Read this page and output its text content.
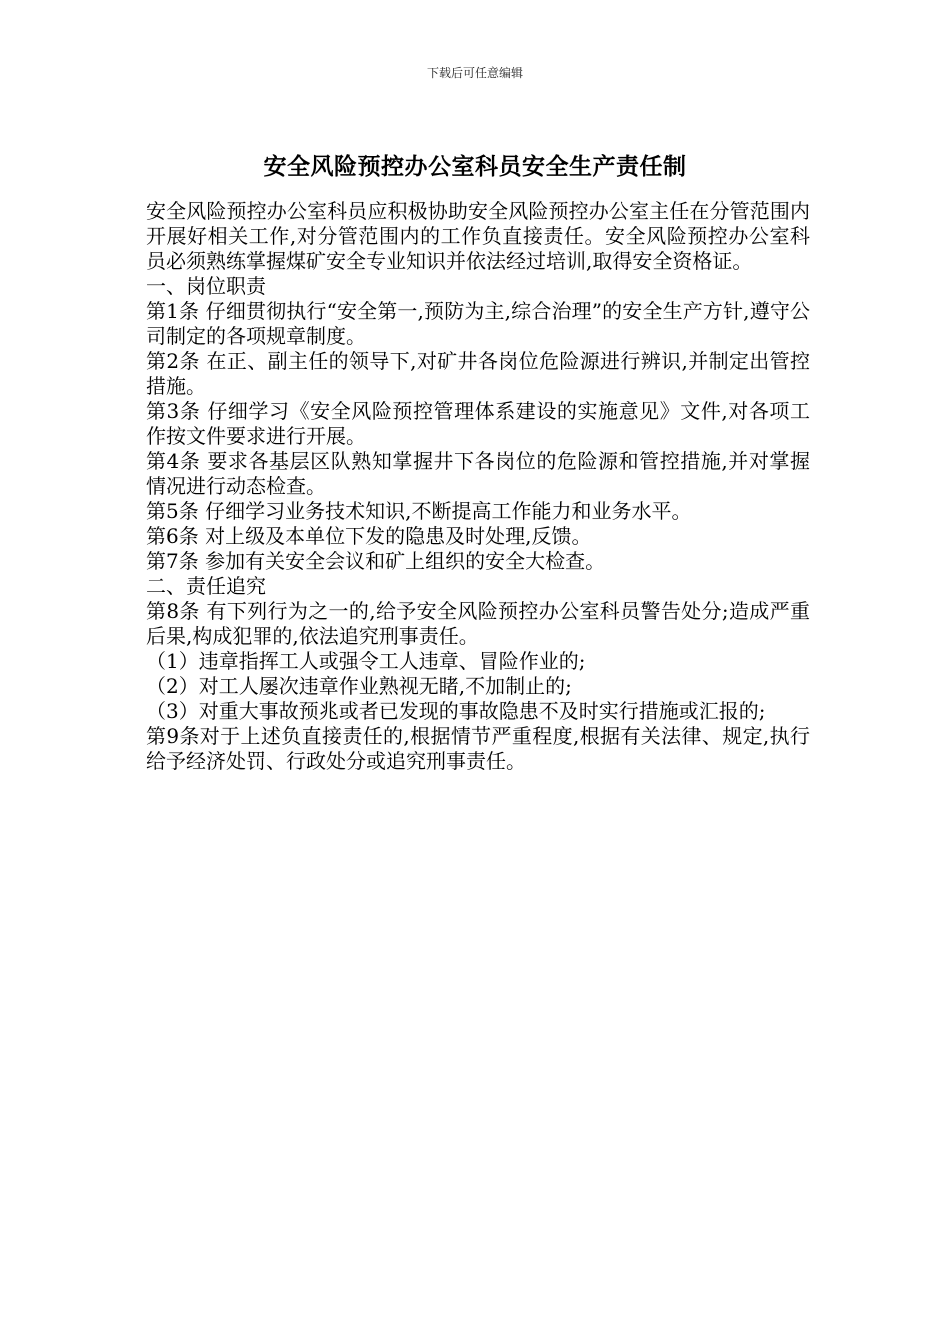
下载后可任意编辑
安全风险预控办公室科员安全生产责任制

安全风险预控办公室科员应积极协助安全风险预控办公室主任在分管范围内开展好相关工作,对分管范围内的工作负直接责任。安全风险预控办公室科员必须熟练掌握煤矿安全专业知识并依法经过培训,取得安全资格证。

一、岗位职责

第1条 仔细贯彻执行“安全第一,预防为主,综合治理”的安全生产方针,遵守公司制定的各项规章制度。

第2条 在正、副主任的领导下,对矿井各岗位危险源进行辨识,并制定出管控措施。

第3条 仔细学习《安全风险预控管理体系建设的实施意见》文件,对各项工作按文件要求进行开展。

第4条 要求各基层区队熟知掌握井下各岗位的危险源和管控措施,并对掌握情况进行动态检查。

第5条 仔细学习业务技术知识,不断提高工作能力和业务水平。

第6条 对上级及本单位下发的隐患及时处理,反馈。

第7条 参加有关安全会议和矿上组织的安全大检查。

二、责任追究

第8条 有下列行为之一的,给予安全风险预控办公室科员警告处分;造成严重后果,构成犯罪的,依法追究刑事责任。

（1）违章指挥工人或强令工人违章、冒险作业的;

（2）对工人屡次违章作业熟视无睹,不加制止的;

（3）对重大事故预兆或者已发现的事故隐患不及时实行措施或汇报的;

第9条对于上述负直接责任的,根据情节严重程度,根据有关法律、规定,执行给予经济处罚、行政处分或追究刑事责任。
